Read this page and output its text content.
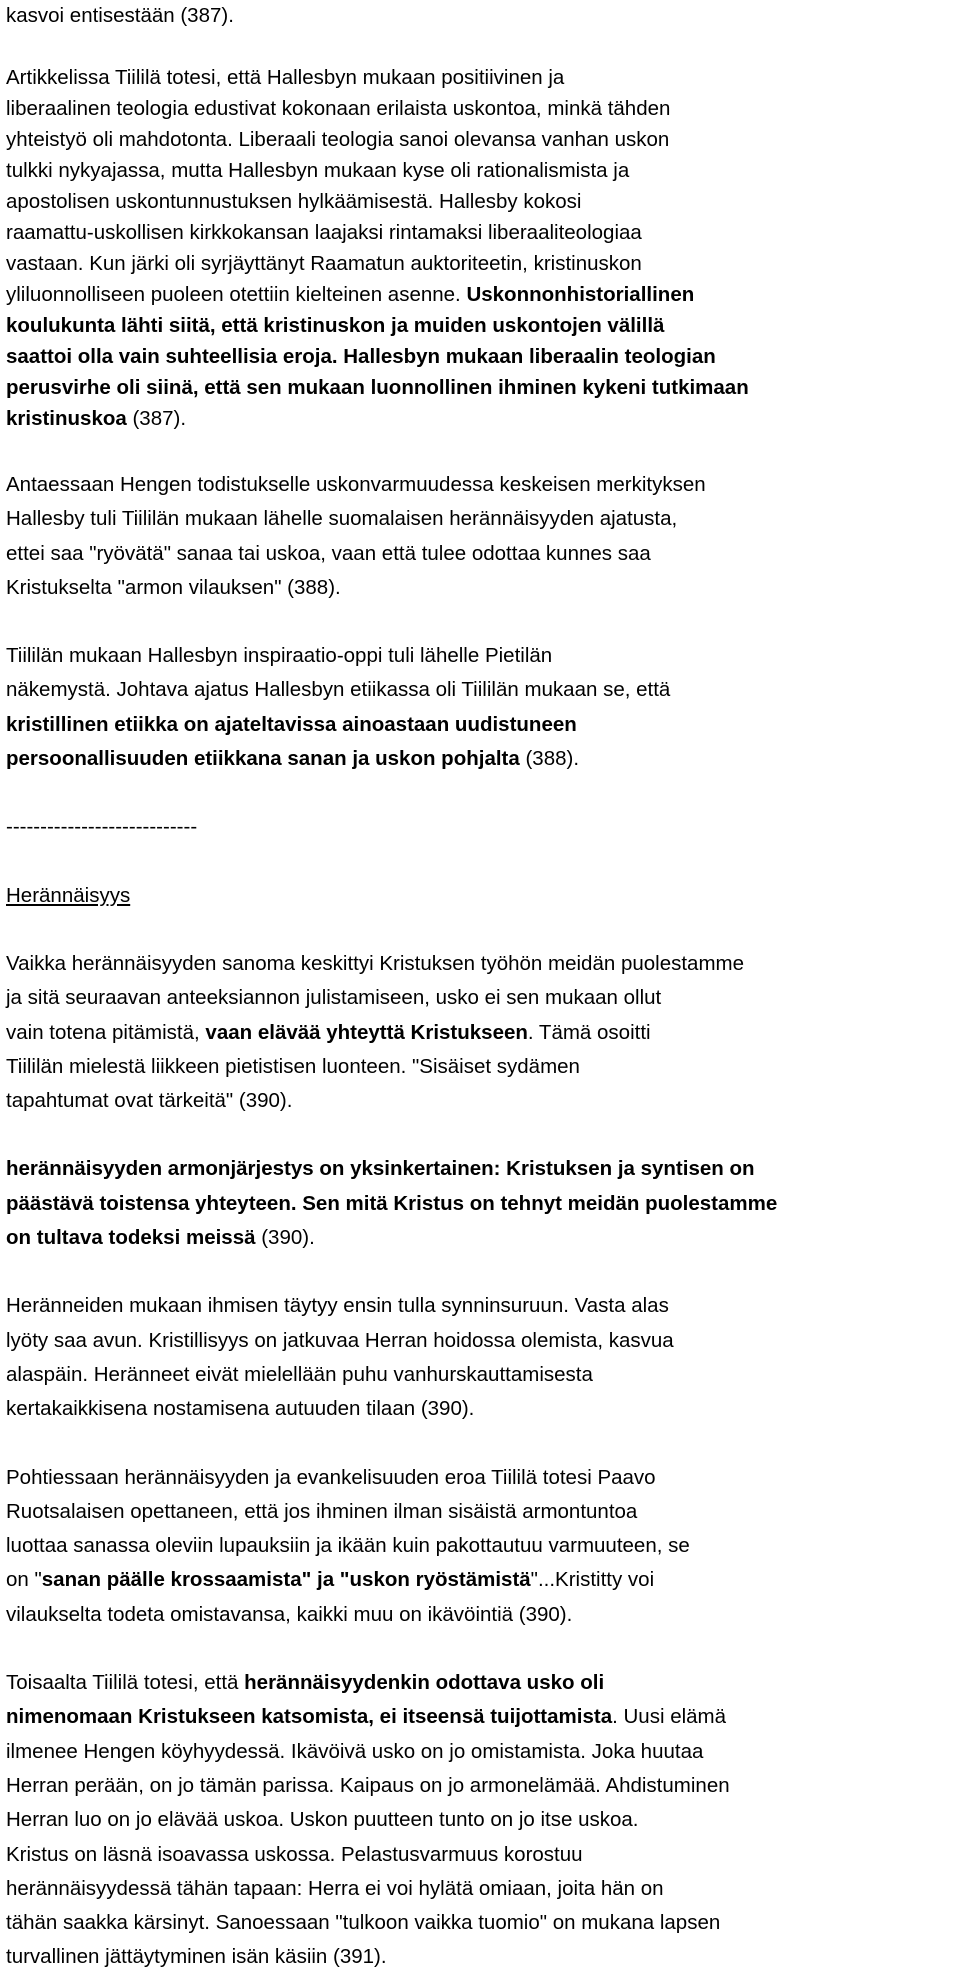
kasvoi entisestään (387).

Artikkelissa Tiililä totesi, että Hallesbyn mukaan positiivinen ja
liberaalinen teologia edustivat kokonaan erilaista uskontoa, minkä tähden
yhteistyö oli mahdotonta. Liberaali teologia sanoi olevansa vanhan uskon
tulkki nykyajassa, mutta Hallesbyn mukaan kyse oli rationalismista ja
apostolisen uskontunnustuksen hylkäämisestä. Hallesby kokosi
raamattu-uskollisen kirkkokansan laajaksi rintamaksi liberaaliteologiaa
vastaan. Kun järki oli syrjäyttänyt Raamatun auktoriteetin, kristinuskon
yliluonnolliseen puoleen otettiin kielteinen asenne. Uskonnonhistoriallinen
koulukunta lähti siitä, että kristinuskon ja muiden uskontojen välillä
saattoi olla vain suhteellisia eroja. Hallesbyn mukaan liberaalin teologian
perusvirhe oli siinä, että sen mukaan luonnollinen ihminen kykeni tutkimaan
kristinuskoa (387).

Antaessaan Hengen todistukselle uskonvarmuudessa keskeisen merkityksen
Hallesby tuli Tiililän mukaan lähelle suomalaisen herännäisyyden ajatusta,
ettei saa "ryövätä" sanaa tai uskoa, vaan että tulee odottaa kunnes saa
Kristukselta "armon vilauksen" (388).

Tiililän mukaan Hallesbyn inspiraatio-oppi tuli lähelle Pietilän
näkemystä. Johtava ajatus Hallesbyn etiikassa oli Tiililän mukaan se, että
kristillinen etiikka on ajateltavissa ainoastaan uudistuneen
persoonallisuuden etiikkana sanan ja uskon pohjalta (388).

----------------------------

Herännäisyys

Vaikka herännäisyyden sanoma keskittyi Kristuksen työhön meidän puolestamme
ja sitä seuraavan anteeksiannon julistamiseen, usko ei sen mukaan ollut
vain totena pitämistä, vaan elävää yhteyttä Kristukseen. Tämä osoitti
Tiililän mielestä liikkeen pietistisen luonteen. "Sisäiset sydämen
tapahtumat ovat tärkeitä" (390).

herännäisyyden armonjärjestys on yksinkertainen: Kristuksen ja syntisen on
päästävä toistensa yhteyteen. Sen mitä Kristus on tehnyt meidän puolestamme
on tultava todeksi meissä (390).

Heränneiden mukaan ihmisen täytyy ensin tulla synninsuruun. Vasta alas
lyöty saa avun. Kristillisyys on jatkuvaa Herran hoidossa olemista, kasvua
alaspäin. Heränneet eivät mielellään puhu vanhurskauttamisesta
kertakaikkisena nostamisena autuuden tilaan (390).

Pohtiessaan herännäisyyden ja evankelisuuden eroa Tiililä totesi Paavo
Ruotsalaisen opettaneen, että jos ihminen ilman sisäistä armontuntoa
luottaa sanassa oleviin lupauksiin ja ikään kuin pakottautuu varmuuteen, se
on "sanan päälle krossaamista" ja "uskon ryöstämistä"...Kristitty voi
vilaukselta todeta omistavansa, kaikki muu on ikävöintiä (390).

Toisaalta Tiililä totesi, että herännäisyydenkin odottava usko oli
nimenomaan Kristukseen katsomista, ei itseensä tuijottamista. Uusi elämä
ilmenee Hengen köyhyydessä. Ikävöivä usko on jo omistamista. Joka huutaa
Herran perään, on jo tämän parissa. Kaipaus on jo armonelämää. Ahdistuminen
Herran luo on jo elävää uskoa. Uskon puutteen tunto on jo itse uskoa.
Kristus on läsnä isoavassa uskossa. Pelastusvarmuus korostuu
herännäisyydessä tähän tapaan: Herra ei voi hylätä omiaan, joita hän on
tähän saakka kärsinyt. Sanoessaan "tulkoon vaikka tuomio" on mukana lapsen
turvallinen jättäytyminen isän käsiin (391).
